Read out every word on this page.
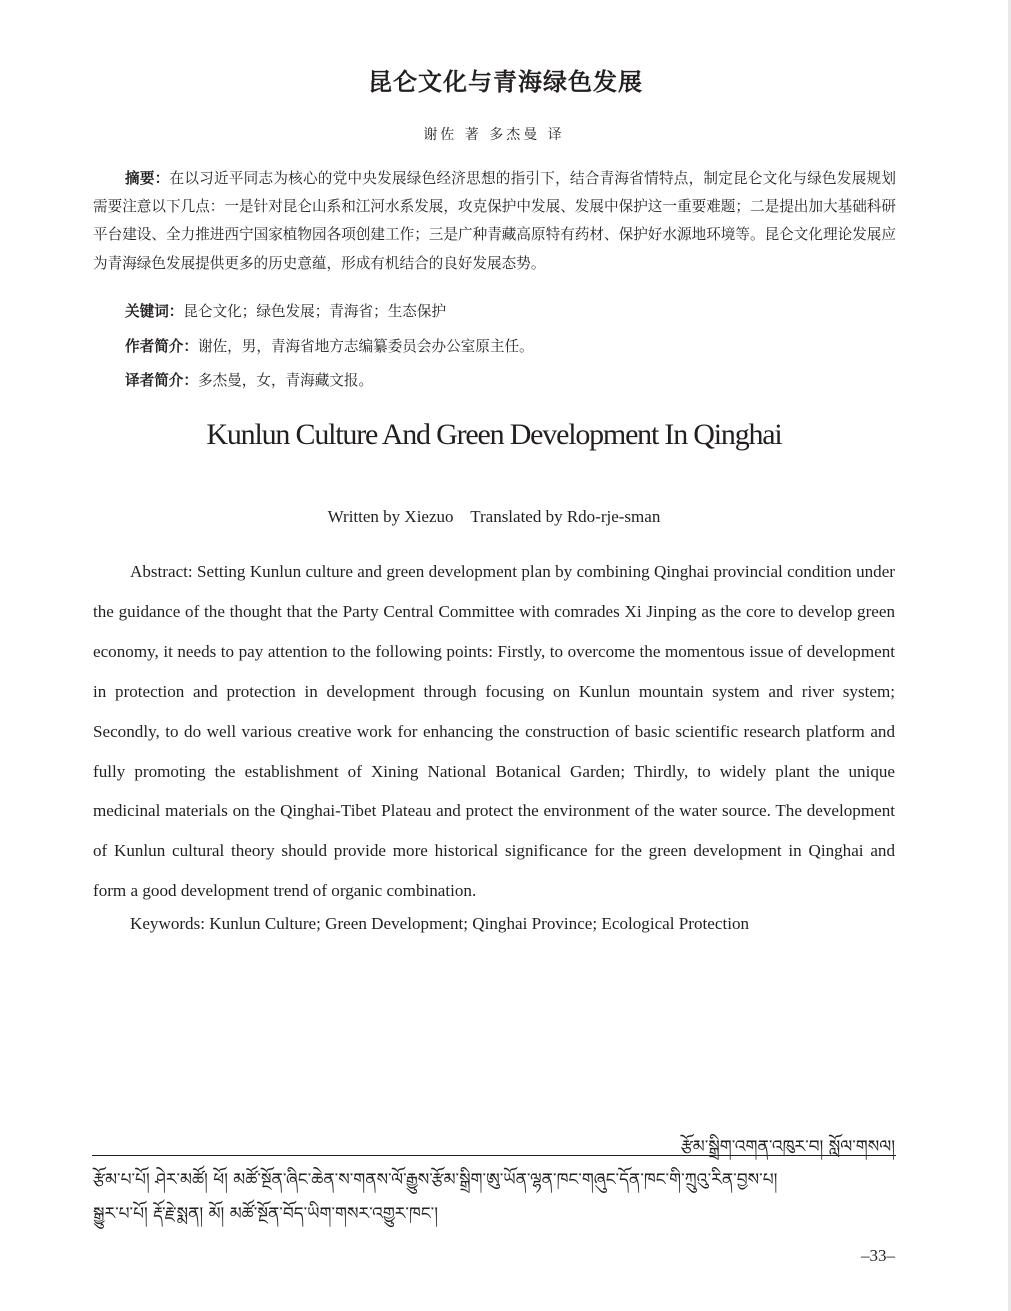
昆仑文化与青海绿色发展
谢佐 著 多杰曼 译
摘要：在以习近平同志为核心的党中央发展绿色经济思想的指引下，结合青海省情特点，制定昆仑文化与绿色发展规划需要注意以下几点：一是针对昆仑山系和江河水系发展，攻克保护中发展、发展中保护这一重要难题；二是提出加大基础科研平台建设、全力推进西宁国家植物园各项创建工作；三是广种青藏高原特有药材、保护好水源地环境等。昆仑文化理论发展应为青海绿色发展提供更多的历史意蕴，形成有机结合的良好发展态势。
关键词：昆仑文化；绿色发展；青海省；生态保护
作者简介：谢佐，男，青海省地方志编纂委员会办公室原主任。
译者简介：多杰曼，女，青海藏文报。
Kunlun Culture And Green Development In Qinghai
Written by Xiezuo    Translated by Rdo-rje-sman
Abstract: Setting Kunlun culture and green development plan by combining Qinghai provincial condition under the guidance of the thought that the Party Central Committee with comrades Xi Jinping as the core to develop green economy, it needs to pay attention to the following points: Firstly, to overcome the momentous issue of development in protection and protection in development through focusing on Kunlun mountain system and river system; Secondly, to do well various creative work for enhancing the construction of basic scientific research platform and fully promoting the establishment of Xining National Botanical Garden; Thirdly, to widely plant the unique medicinal materials on the Qinghai-Tibet Plateau and protect the environment of the water source. The development of Kunlun cultural theory should provide more historical significance for the green development in Qinghai and form a good development trend of organic combination.
Keywords: Kunlun Culture; Green Development; Qinghai Province; Ecological Protection
རྩོམ་སྒྲིག་འགན་འཁུར་བ། སློལ་གསལ།
རྩོམ་པ་པོ། ཤེར་མཚོ། ཕོ། མཚོ་སྔོན་ཞིང་ཆེན་ས་གནས་ལོ་རྒྱུས་རྩོམ་སྒྲིག་ཨུ་ཡོན་ལྷན་ཁང་གཞུང་དོན་ཁང་གི་ཀྲུའུ་རིན་བྱས་པ།
སྒྱུར་པ་པོ། རྡོ་རྗེ་སྨན། མོ། མཚོ་སྔོན་བོད་ཡིག་གསར་འགྱུར་ཁང་།
–33–
